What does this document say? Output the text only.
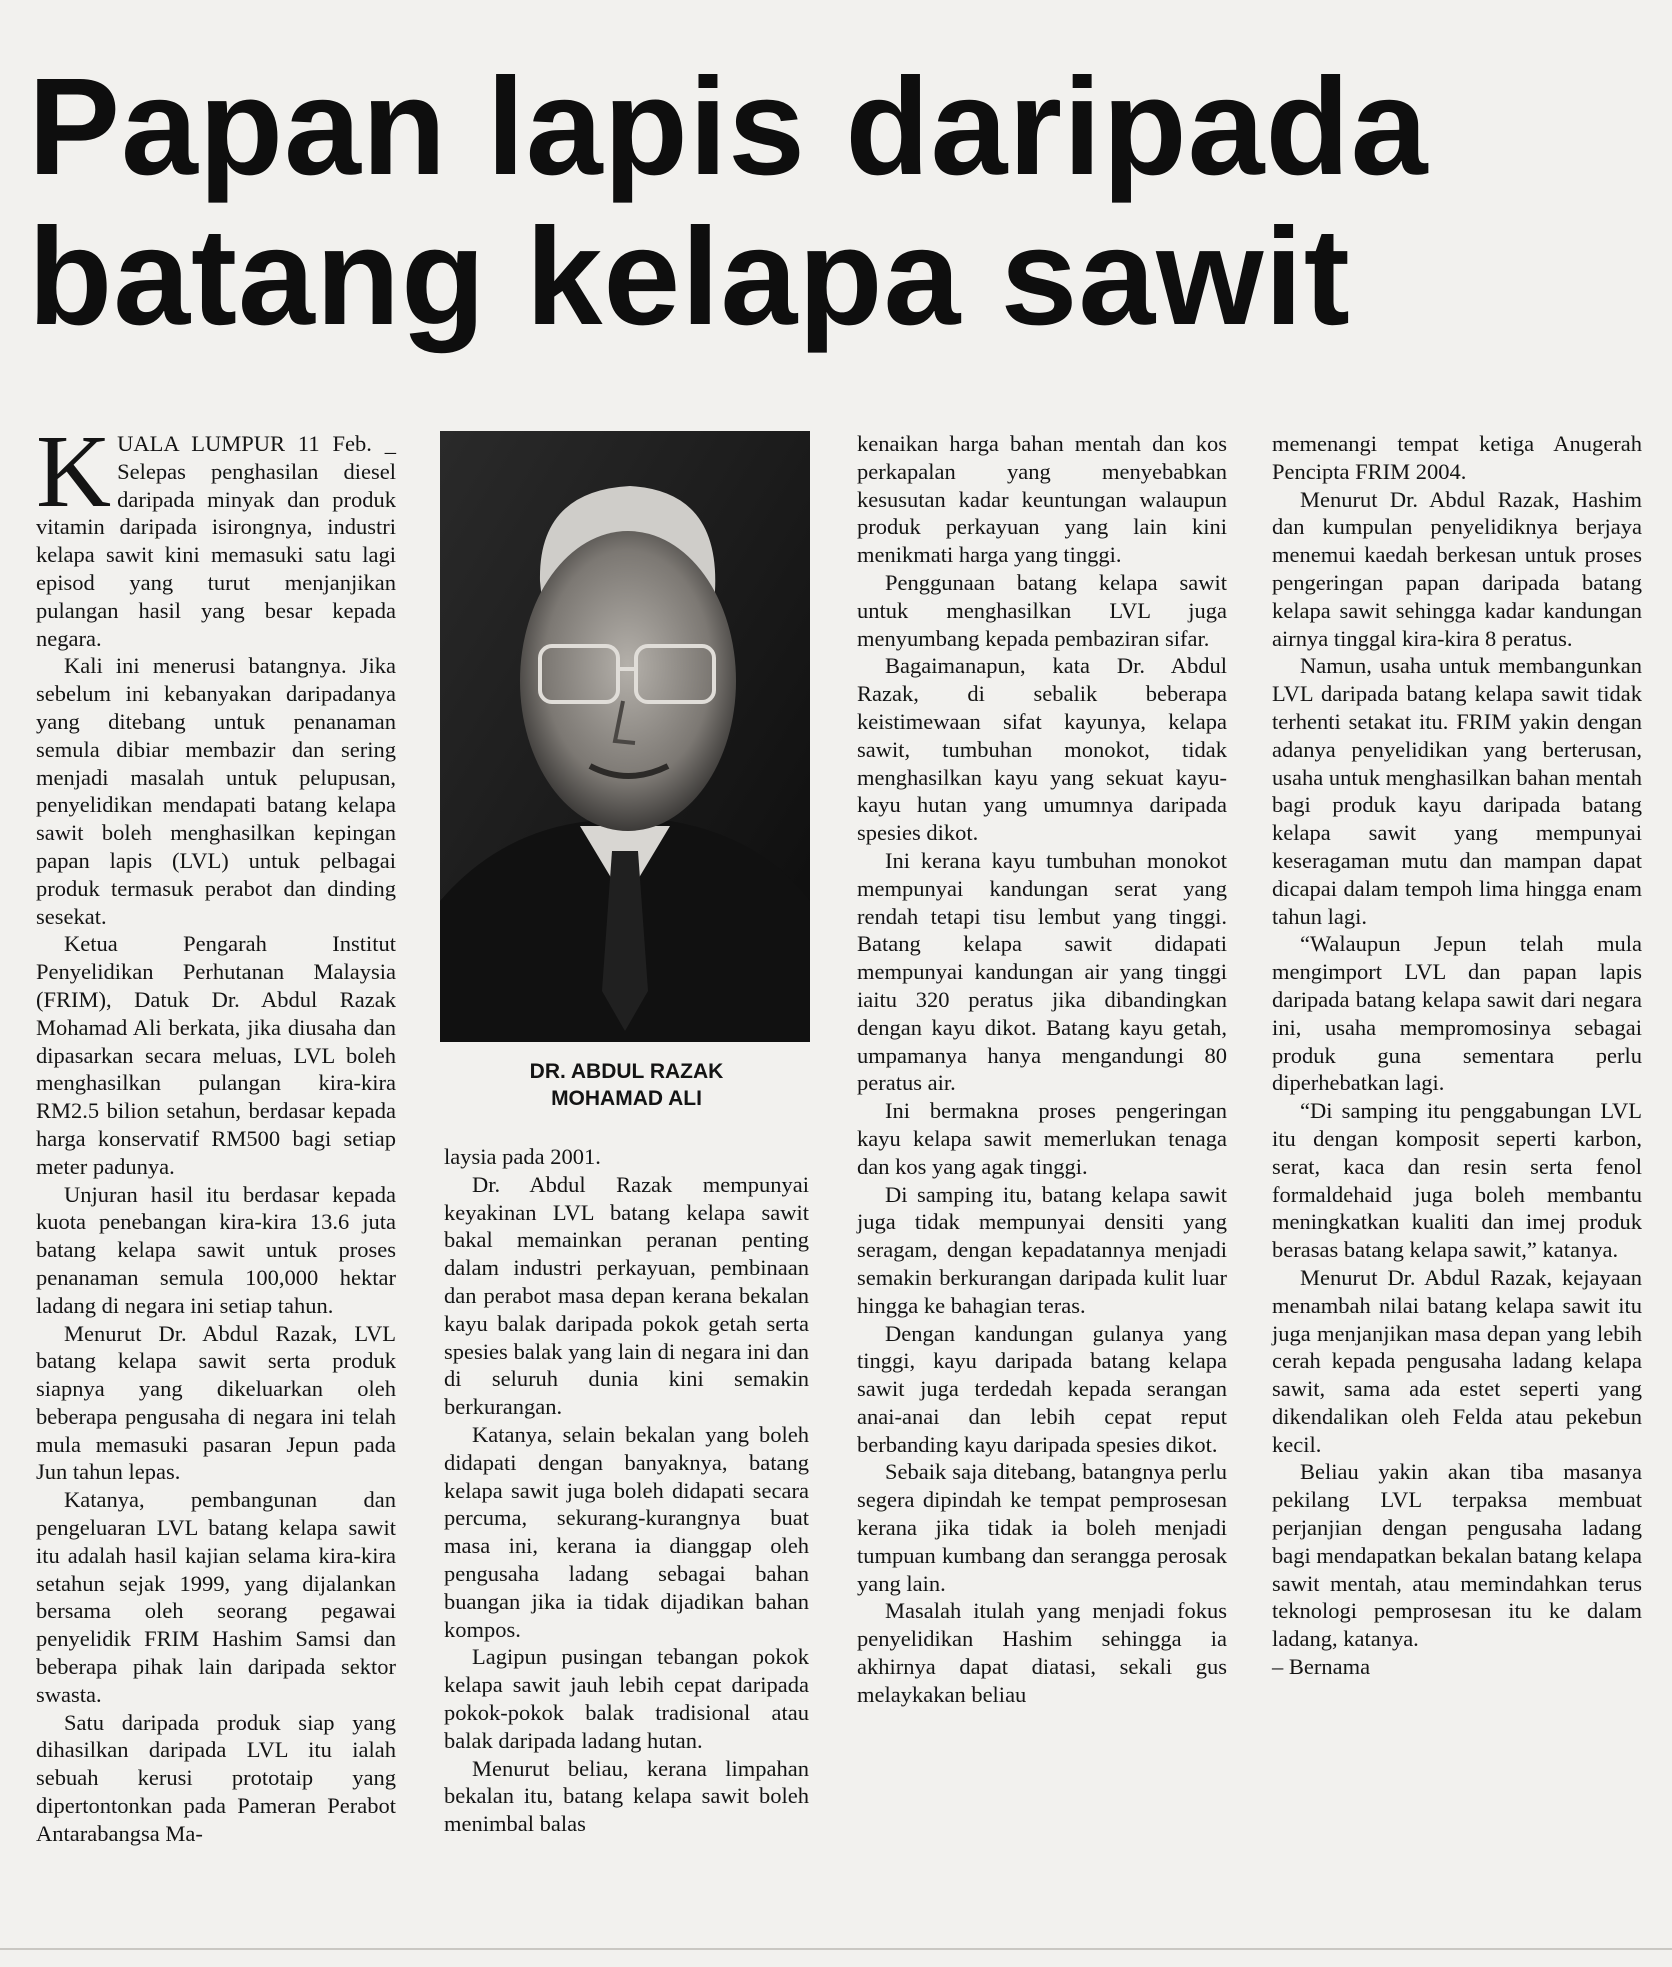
Papan lapis daripada
batang kelapa sawit

KUALA LUMPUR 11 Feb. _ Selepas penghasilan diesel daripada minyak dan produk vitamin daripada isirongnya, industri kelapa sawit kini memasuki satu lagi episod yang turut menjanjikan pulangan hasil yang besar kepada negara.

Kali ini menerusi batangnya. Jika sebelum ini kebanyakan daripadanya yang ditebang untuk penanaman semula dibiar membazir dan sering menjadi masalah untuk pelupusan, penyelidikan mendapati batang kelapa sawit boleh menghasilkan kepingan papan lapis (LVL) untuk pelbagai produk termasuk perabot dan dinding sesekat.

Ketua Pengarah Institut Penyelidikan Perhutanan Malaysia (FRIM), Datuk Dr. Abdul Razak Mohamad Ali berkata, jika diusaha dan dipasarkan secara meluas, LVL boleh menghasilkan pulangan kira-kira RM2.5 bilion setahun, berdasar kepada harga konservatif RM500 bagi setiap meter padunya.

Unjuran hasil itu berdasar kepada kuota penebangan kira-kira 13.6 juta batang kelapa sawit untuk proses penanaman semula 100,000 hektar ladang di negara ini setiap tahun.

Menurut Dr. Abdul Razak, LVL batang kelapa sawit serta produk siapnya yang dikeluarkan oleh beberapa pengusaha di negara ini telah mula memasuki pasaran Jepun pada Jun tahun lepas.

Katanya, pembangunan dan pengeluaran LVL batang kelapa sawit itu adalah hasil kajian selama kira-kira setahun sejak 1999, yang dijalankan bersama oleh seorang pegawai penyelidik FRIM Hashim Samsi dan beberapa pihak lain daripada sektor swasta.

Satu daripada produk siap yang dihasilkan daripada LVL itu ialah sebuah kerusi prototaip yang dipertontonkan pada Pameran Perabot Antarabangsa Ma-

DR. ABDUL RAZAK
MOHAMAD ALI

laysia pada 2001.

Dr. Abdul Razak mempunyai keyakinan LVL batang kelapa sawit bakal memainkan peranan penting dalam industri perkayuan, pembinaan dan perabot masa depan kerana bekalan kayu balak daripada pokok getah serta spesies balak yang lain di negara ini dan di seluruh dunia kini semakin berkurangan.

Katanya, selain bekalan yang boleh didapati dengan banyaknya, batang kelapa sawit juga boleh didapati secara percuma, sekurang-kurangnya buat masa ini, kerana ia dianggap oleh pengusaha ladang sebagai bahan buangan jika ia tidak dijadikan bahan kompos.

Lagipun pusingan tebangan pokok kelapa sawit jauh lebih cepat daripada pokok-pokok balak tradisional atau balak daripada ladang hutan.

Menurut beliau, kerana limpahan bekalan itu, batang kelapa sawit boleh menimbal balas

kenaikan harga bahan mentah dan kos perkapalan yang menyebabkan kesusutan kadar keuntungan walaupun produk perkayuan yang lain kini menikmati harga yang tinggi.

Penggunaan batang kelapa sawit untuk menghasilkan LVL juga menyumbang kepada pembaziran sifar.

Bagaimanapun, kata Dr. Abdul Razak, di sebalik beberapa keistimewaan sifat kayunya, kelapa sawit, tumbuhan monokot, tidak menghasilkan kayu yang sekuat kayu-kayu hutan yang umumnya daripada spesies dikot.

Ini kerana kayu tumbuhan monokot mempunyai kandungan serat yang rendah tetapi tisu lembut yang tinggi. Batang kelapa sawit didapati mempunyai kandungan air yang tinggi iaitu 320 peratus jika dibandingkan dengan kayu dikot. Batang kayu getah, umpamanya hanya mengandungi 80 peratus air.

Ini bermakna proses pengeringan kayu kelapa sawit memerlukan tenaga dan kos yang agak tinggi.

Di samping itu, batang kelapa sawit juga tidak mempunyai densiti yang seragam, dengan kepadatannya menjadi semakin berkurangan daripada kulit luar hingga ke bahagian teras.

Dengan kandungan gulanya yang tinggi, kayu daripada batang kelapa sawit juga terdedah kepada serangan anai-anai dan lebih cepat reput berbanding kayu daripada spesies dikot.

Sebaik saja ditebang, batangnya perlu segera dipindah ke tempat pemprosesan kerana jika tidak ia boleh menjadi tumpuan kumbang dan serangga perosak yang lain.

Masalah itulah yang menjadi fokus penyelidikan Hashim sehingga ia akhirnya dapat diatasi, sekali gus melaykakan beliau

memenangi tempat ketiga Anugerah Pencipta FRIM 2004.

Menurut Dr. Abdul Razak, Hashim dan kumpulan penyelidiknya berjaya menemui kaedah berkesan untuk proses pengeringan papan daripada batang kelapa sawit sehingga kadar kandungan airnya tinggal kira-kira 8 peratus.

Namun, usaha untuk membangunkan LVL daripada batang kelapa sawit tidak terhenti setakat itu. FRIM yakin dengan adanya penyelidikan yang berterusan, usaha untuk menghasilkan bahan mentah bagi produk kayu daripada batang kelapa sawit yang mempunyai keseragaman mutu dan mampan dapat dicapai dalam tempoh lima hingga enam tahun lagi.

“Walaupun Jepun telah mula mengimport LVL dan papan lapis daripada batang kelapa sawit dari negara ini, usaha mempromosinya sebagai produk guna sementara perlu diperhebatkan lagi.

“Di samping itu penggabungan LVL itu dengan komposit seperti karbon, serat, kaca dan resin serta fenol formaldehaid juga boleh membantu meningkatkan kualiti dan imej produk berasas batang kelapa sawit,” katanya.

Menurut Dr. Abdul Razak, kejayaan menambah nilai batang kelapa sawit itu juga menjanjikan masa depan yang lebih cerah kepada pengusaha ladang kelapa sawit, sama ada estet seperti yang dikendalikan oleh Felda atau pekebun kecil.

Beliau yakin akan tiba masanya pekilang LVL terpaksa membuat perjanjian dengan pengusaha ladang bagi mendapatkan bekalan batang kelapa sawit mentah, atau memindahkan terus teknologi pemprosesan itu ke dalam ladang, katanya.

– Bernama
